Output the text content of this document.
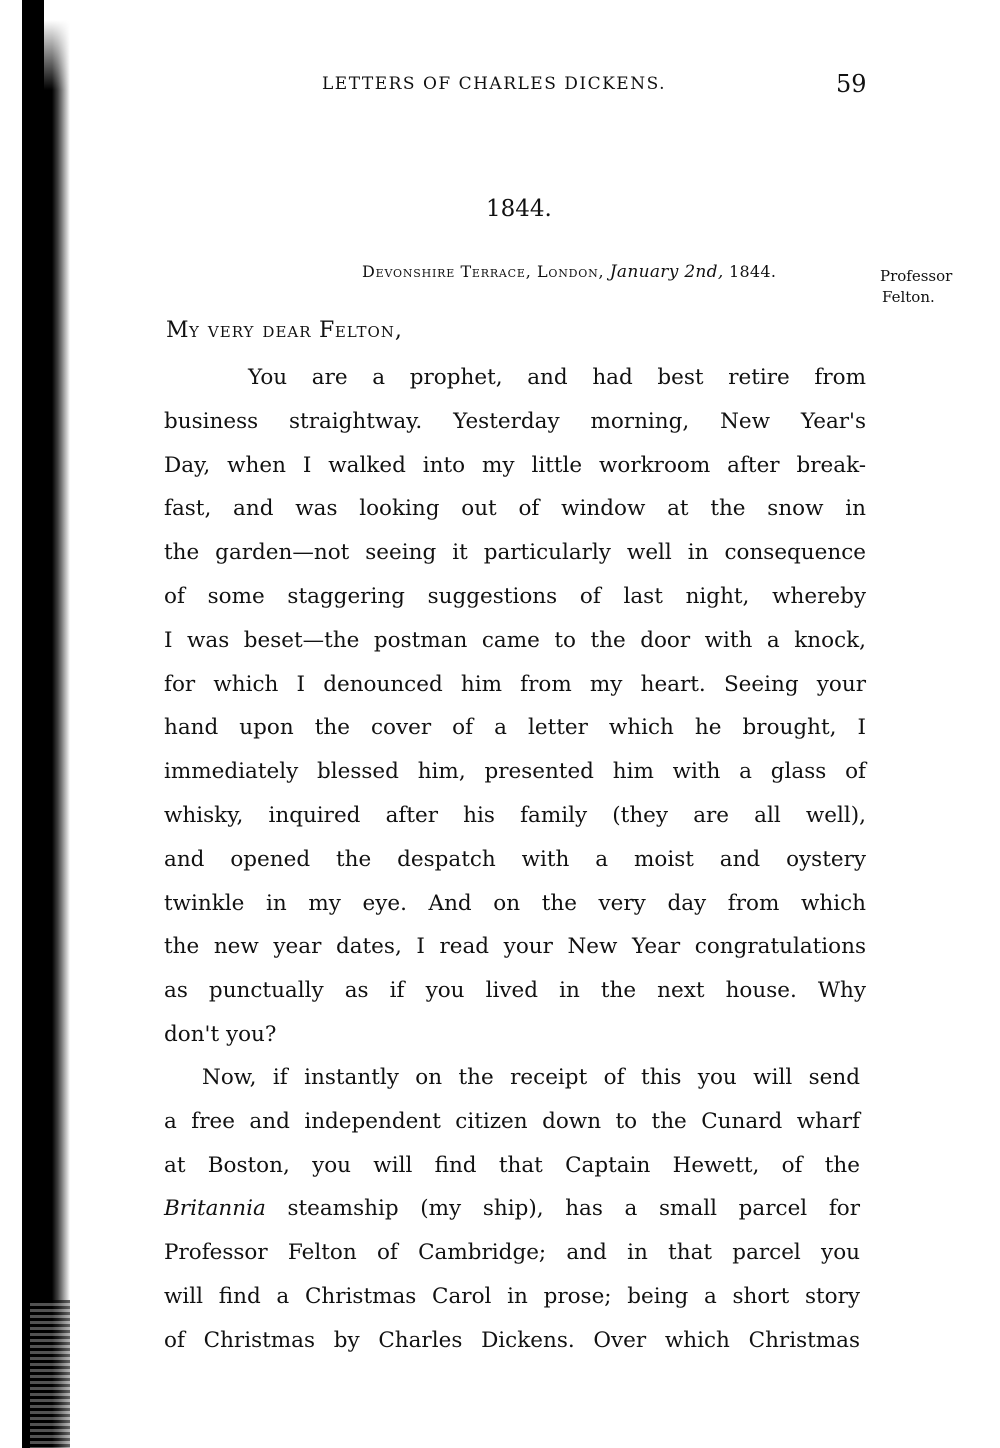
LETTERS OF CHARLES DICKENS.	59
1844.
Devonshire Terrace, London, January 2nd, 1844.	Professor
Felton.
My very dear Felton,
You are a prophet, and had best retire from
business straightway. Yesterday morning, New Year's
Day, when I walked into my little workroom after break-
fast, and was looking out of window at the snow in
the garden—not seeing it particularly well in consequence
of some staggering suggestions of last night, whereby
I was beset—the postman came to the door with a knock,
for which I denounced him from my heart. Seeing your
hand upon the cover of a letter which he brought, I
immediately blessed him, presented him with a glass of
whisky, inquired after his family (they are all well),
and opened the despatch with a moist and oystery
twinkle in my eye. And on the very day from which
the new year dates, I read your New Year congratulations
as punctually as if you lived in the next house. Why
don't you?
Now, if instantly on the receipt of this you will send
a free and independent citizen down to the Cunard wharf
at Boston, you will find that Captain Hewett, of the
Britannia steamship (my ship), has a small parcel for
Professor Felton of Cambridge; and in that parcel you
will find a Christmas Carol in prose; being a short story
of Christmas by Charles Dickens. Over which Christmas
